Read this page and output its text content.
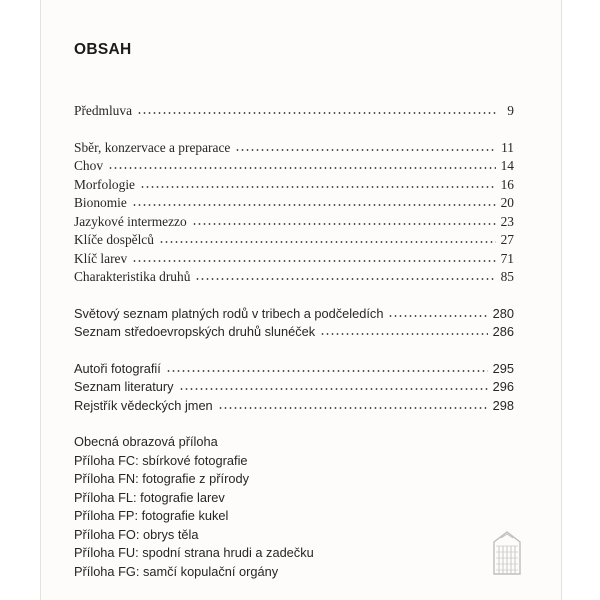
OBSAH
Předmluva	9
Sběr, konzervace a preparace	11
Chov	14
Morfologie	16
Bionomie	20
Jazykové intermezzo	23
Klíče dospělců	27
Klíč larev	71
Charakteristika druhů	85
Světový seznam platných rodů v tribech a podčeledích	280
Seznam středoevropských druhů slunéček	286
Autoři fotografií	295
Seznam literatury	296
Rejstřík vědeckých jmen	298
Obecná obrazová příloha
Příloha FC: sbírkové fotografie
Příloha FN: fotografie z přírody
Příloha FL: fotografie larev
Příloha FP: fotografie kukel
Příloha FO: obrys těla
Příloha FU: spodní strana hrudi a zadečku
Příloha FG: samčí kopulační orgány
